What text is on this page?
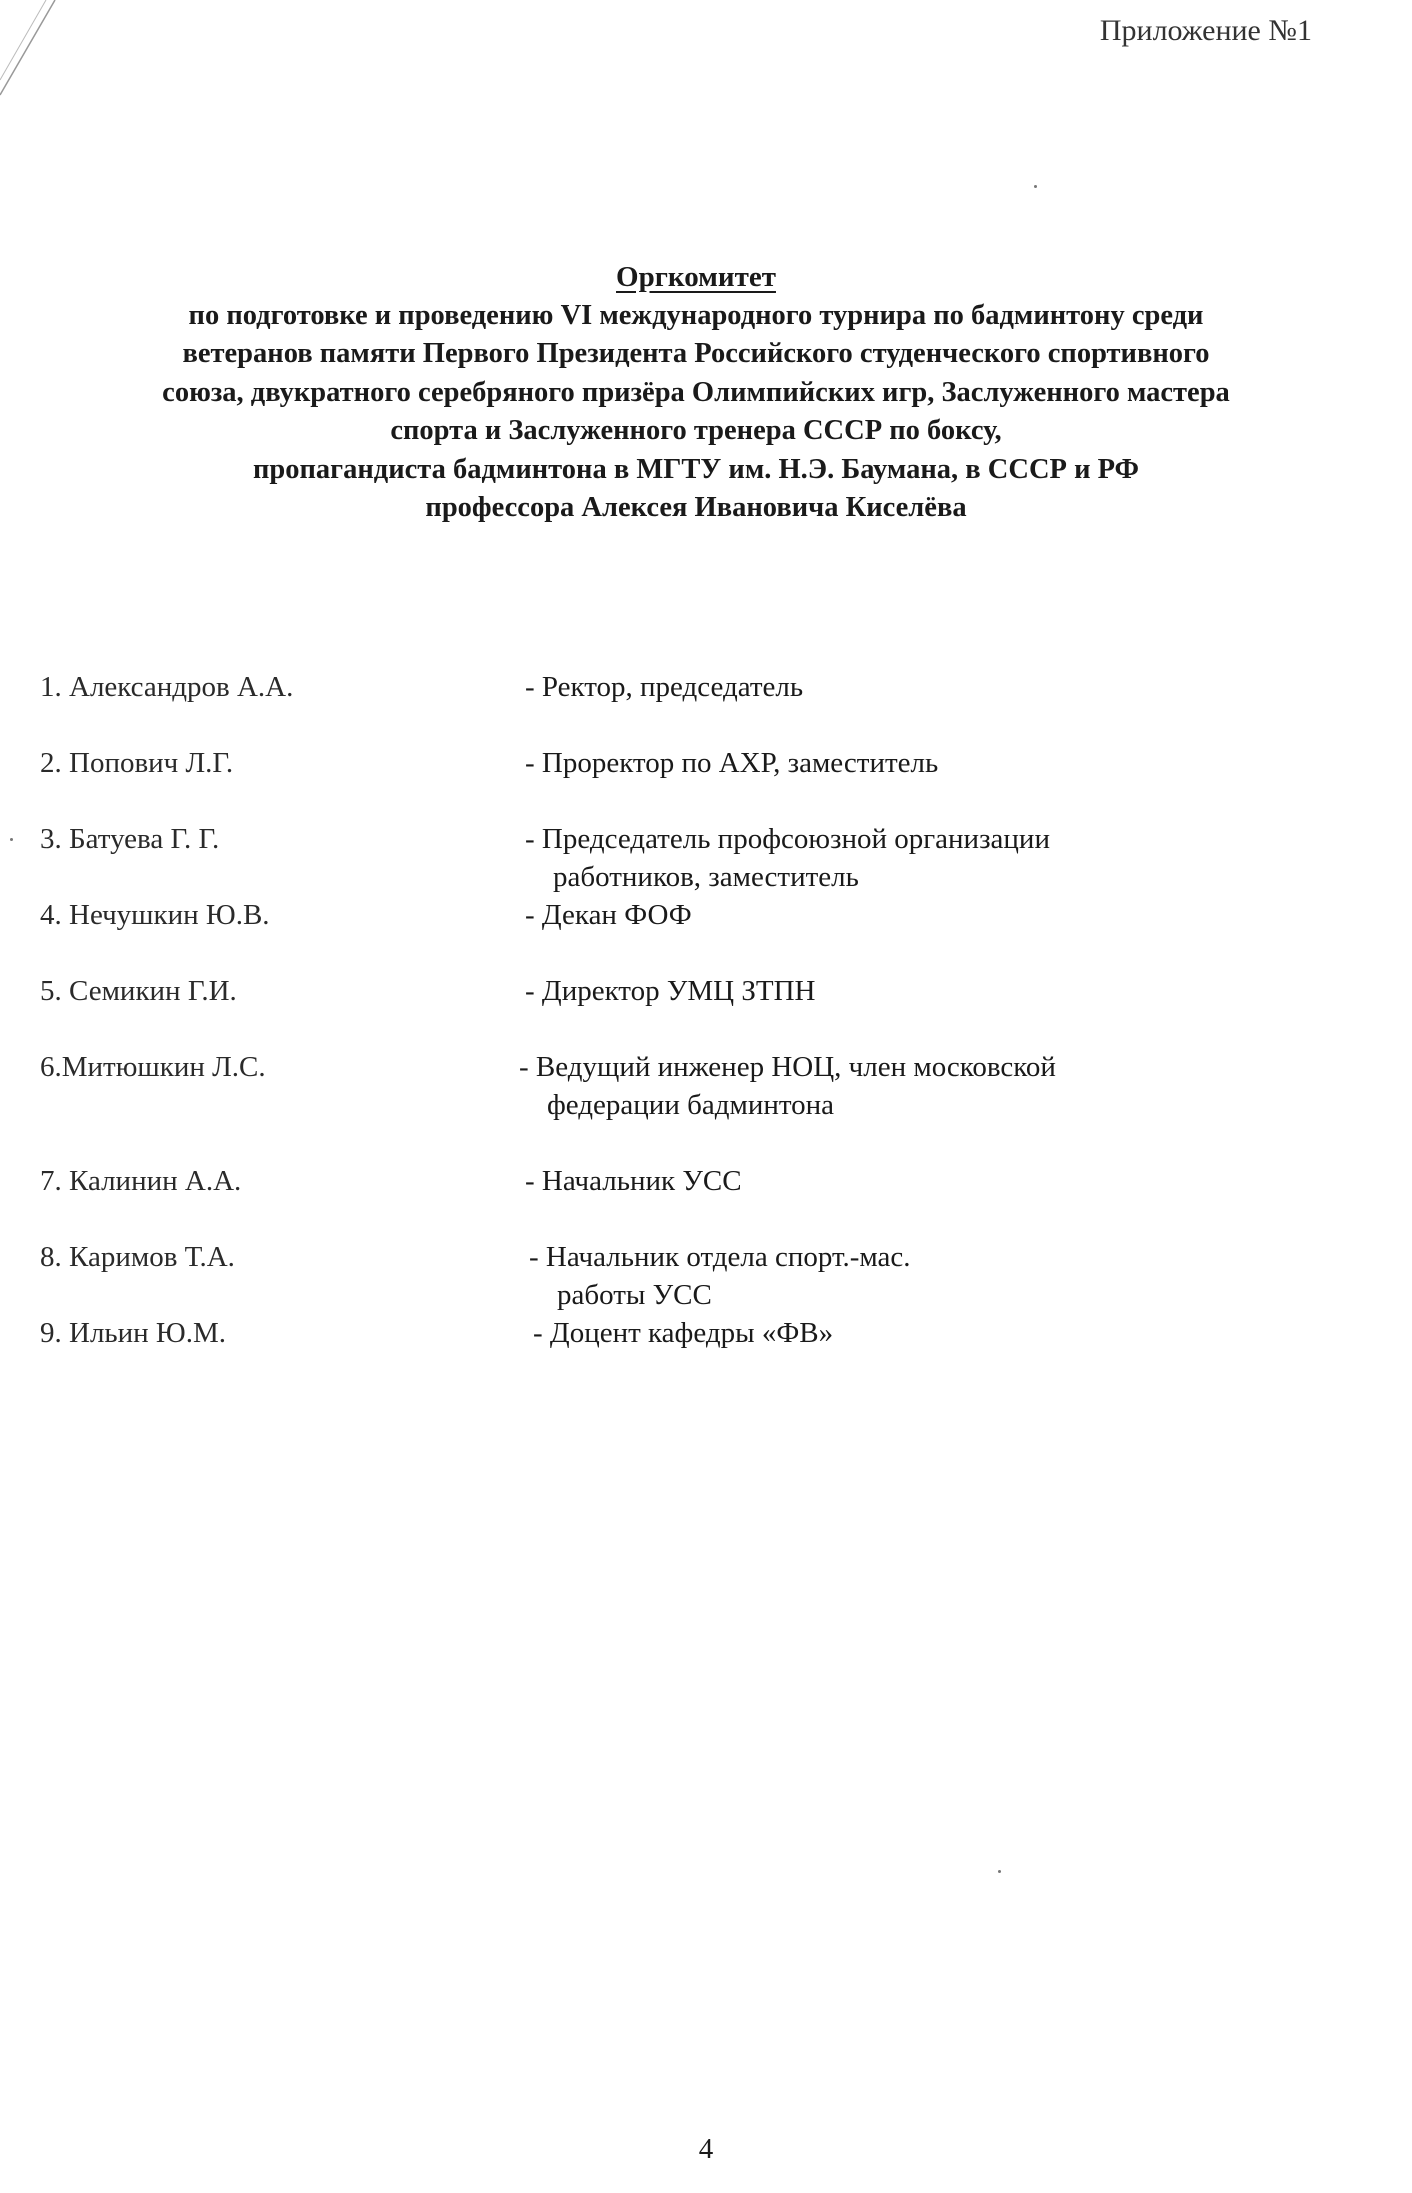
Приложение №1
Оргкомитет
по подготовке и проведению VI международного турнира по бадминтону среди
ветеранов памяти Первого Президента Российского студенческого спортивного
союза, двукратного серебряного призёра Олимпийских игр, Заслуженного мастера
спорта и Заслуженного тренера СССР по боксу,
пропагандиста бадминтона в МГТУ им. Н.Э. Баумана, в СССР и РФ
профессора Алексея Ивановича Киселёва
1. Александров А.А.	- Ректор, председатель
2. Попович Л.Г.	- Проректор по АХР, заместитель
3. Батуева Г. Г.	- Председатель профсоюзной организации
работников, заместитель
4. Нечушкин Ю.В.	- Декан ФОФ
5. Семикин Г.И.	- Директор УМЦ ЗТПН
6.Митюшкин Л.С.	- Ведущий инженер НОЦ, член московской
федерации бадминтона
7. Калинин А.А.	- Начальник УСС
8. Каримов Т.А.	- Начальник отдела спорт.-мас.
работы УСС
9. Ильин Ю.М.	- Доцент кафедры «ФВ»
4
